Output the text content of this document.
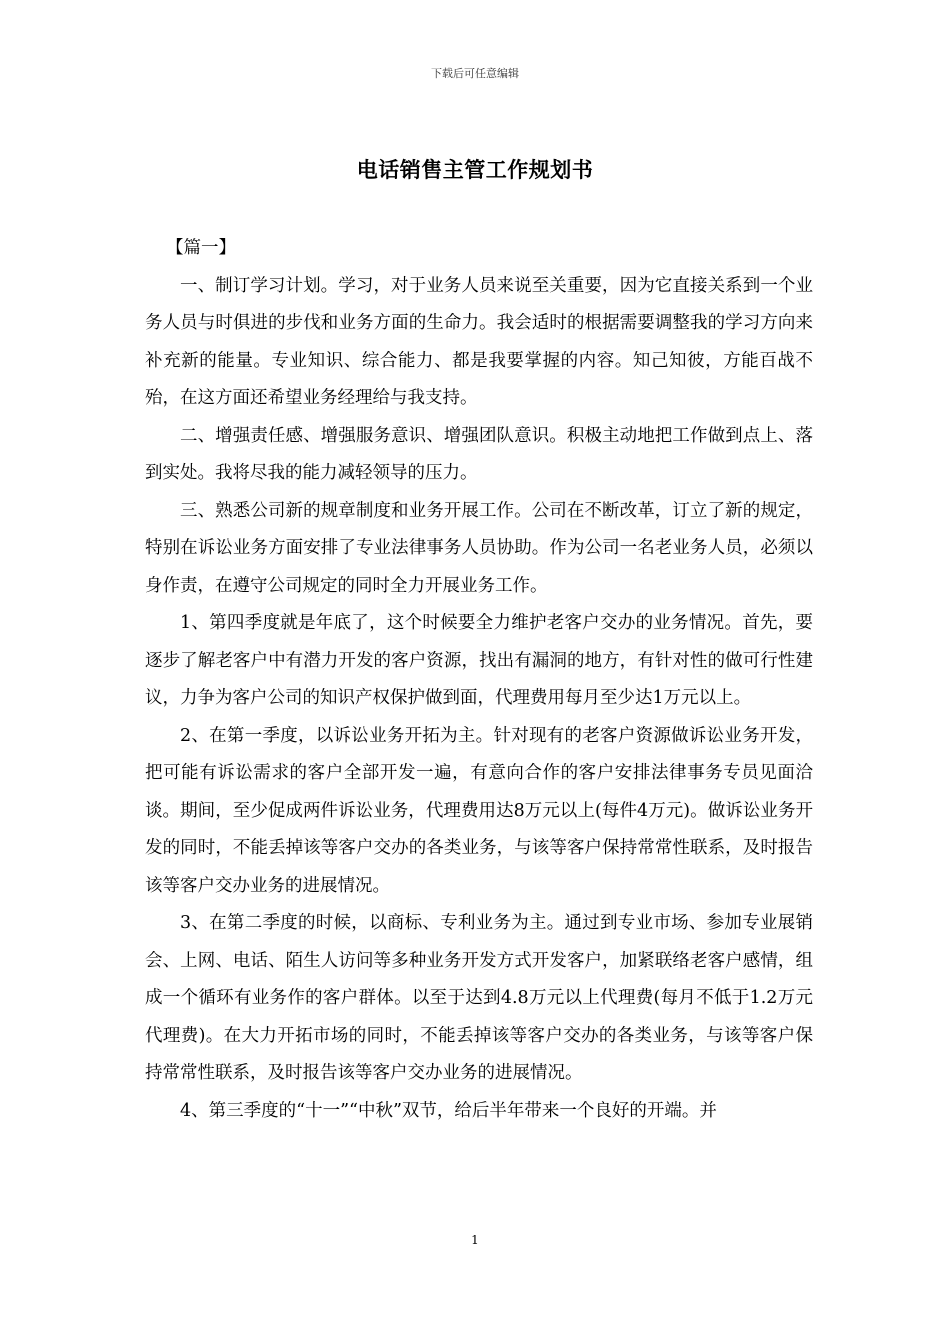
下载后可任意编辑
电话销售主管工作规划书

【篇一】

一、制订学习计划。学习，对于业务人员来说至关重要，因为它直接关系到一个业务人员与时俱进的步伐和业务方面的生命力。我会适时的根据需要调整我的学习方向来补充新的能量。专业知识、综合能力、都是我要掌握的内容。知己知彼，方能百战不殆，在这方面还希望业务经理给与我支持。

二、增强责任感、增强服务意识、增强团队意识。积极主动地把工作做到点上、落到实处。我将尽我的能力减轻领导的压力。

三、熟悉公司新的规章制度和业务开展工作。公司在不断改革，订立了新的规定，特别在诉讼业务方面安排了专业法律事务人员协助。作为公司一名老业务人员，必须以身作责，在遵守公司规定的同时全力开展业务工作。

1、第四季度就是年底了，这个时候要全力维护老客户交办的业务情况。首先，要逐步了解老客户中有潜力开发的客户资源，找出有漏洞的地方，有针对性的做可行性建议，力争为客户公司的知识产权保护做到面，代理费用每月至少达1万元以上。

2、在第一季度，以诉讼业务开拓为主。针对现有的老客户资源做诉讼业务开发，把可能有诉讼需求的客户全部开发一遍，有意向合作的客户安排法律事务专员见面洽谈。期间，至少促成两件诉讼业务，代理费用达8万元以上(每件4万元)。做诉讼业务开发的同时，不能丢掉该等客户交办的各类业务，与该等客户保持常常性联系，及时报告该等客户交办业务的进展情况。

3、在第二季度的时候，以商标、专利业务为主。通过到专业市场、参加专业展销会、上网、电话、陌生人访问等多种业务开发方式开发客户，加紧联络老客户感情，组成一个循环有业务作的客户群体。以至于达到4.8万元以上代理费(每月不低于1.2万元代理费)。在大力开拓市场的同时，不能丢掉该等客户交办的各类业务，与该等客户保持常常性联系，及时报告该等客户交办业务的进展情况。

4、第三季度的“十一”“中秋”双节，给后半年带来一个良好的开端。并

1
